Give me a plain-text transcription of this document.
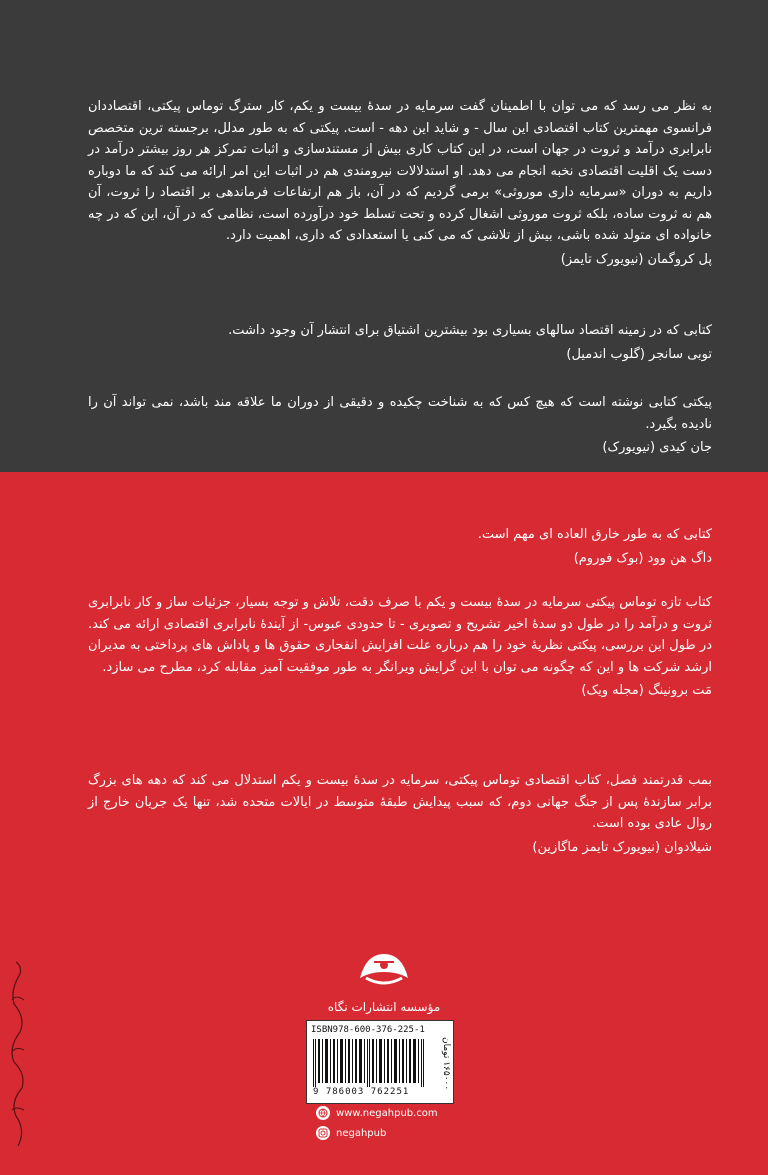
به نظر می رسد که می توان با اطمینان گفت سرمایه در سدهٔ بیست و یکم، کار سترگ توماس پیکتی، اقتصاددان فرانسوی مهمترین کتاب اقتصادی این سال - و شاید این دهه - است. پیکتی که به طور مدلل، برجسته ترین متخصص نابرابری درآمد و ثروت در جهان است، در این کتاب کاری بیش از مستندسازی و اثبات تمرکز هر روز بیشتر درآمد در دست یک اقلیت اقتصادی نخبه انجام می دهد. او استدلالات نیرومندی هم در اثبات این امر ارائه می کند که ما دوباره داریم به دوران «سرمایه داری موروثی» برمی گردیم که در آن، باز هم ارتفاعات فرماندهی بر اقتصاد را ثروت، آن هم نه ثروت ساده، بلکه ثروت موروثی اشغال کرده و تحت تسلط خود درآورده است، نظامی که در آن، این که در چه خانواده ای متولد شده باشی، بیش از تلاشی که می کنی یا استعدادی که داری، اهمیت دارد.

پل کروگمان (نیویورک تایمز)

کتابی که در زمینه اقتصاد سالهای بسیاری بود بیشترین اشتیاق برای انتشار آن وجود داشت.

توبی سانجر (گلوب اندمیل)

پیکتی کتابی نوشته است که هیچ کس که به شناخت چکیده و دقیقی از دوران ما علاقه مند باشد، نمی تواند آن را نادیده بگیرد.

جان کیدی (نیویورک)

کتابی که به طور خارق العاده ای مهم است.

داگ هن وود (بوک فوروم)

کتاب تازه توماس پیکتی سرمایه در سدهٔ بیست و یکم با صرف دقت، تلاش و توجه بسیار، جزئیات ساز و کار نابرابری ثروت و درآمد را در طول دو سدهٔ اخیر تشریح و تصویری - تا حدودی عبوس- از آیندهٔ نابرابری اقتصادی ارائه می کند. در طول این بررسی، پیکتی نظریهٔ خود را هم درباره علت افزایش انفجاری حقوق ها و پاداش های پرداختی به مدیران ارشد شرکت ها و این که چگونه می توان با این گرایش ویرانگر به طور موفقیت آمیز مقابله کرد، مطرح می سازد.

مَت برونینگ (مجله ویک)

بمب قدرتمند فصل، کتاب اقتصادی توماس پیکتی، سرمایه در سدهٔ بیست و یکم استدلال می کند که دهه های بزرگ برابر سازندهٔ پس از جنگ جهانی دوم، که سبب پیدایش طبقهٔ متوسط در ایالات متحده شد، تنها یک جریان خارج از روال عادی بوده است.

شیلادوان (نیویورک تایمز ماگازین)
مؤسسه انتشارات نگاه
ISBN978-600-376-225-1
9 786003 762251
۱۶۵۰۰۰ تومان
www.negahpub.com
negahpub
